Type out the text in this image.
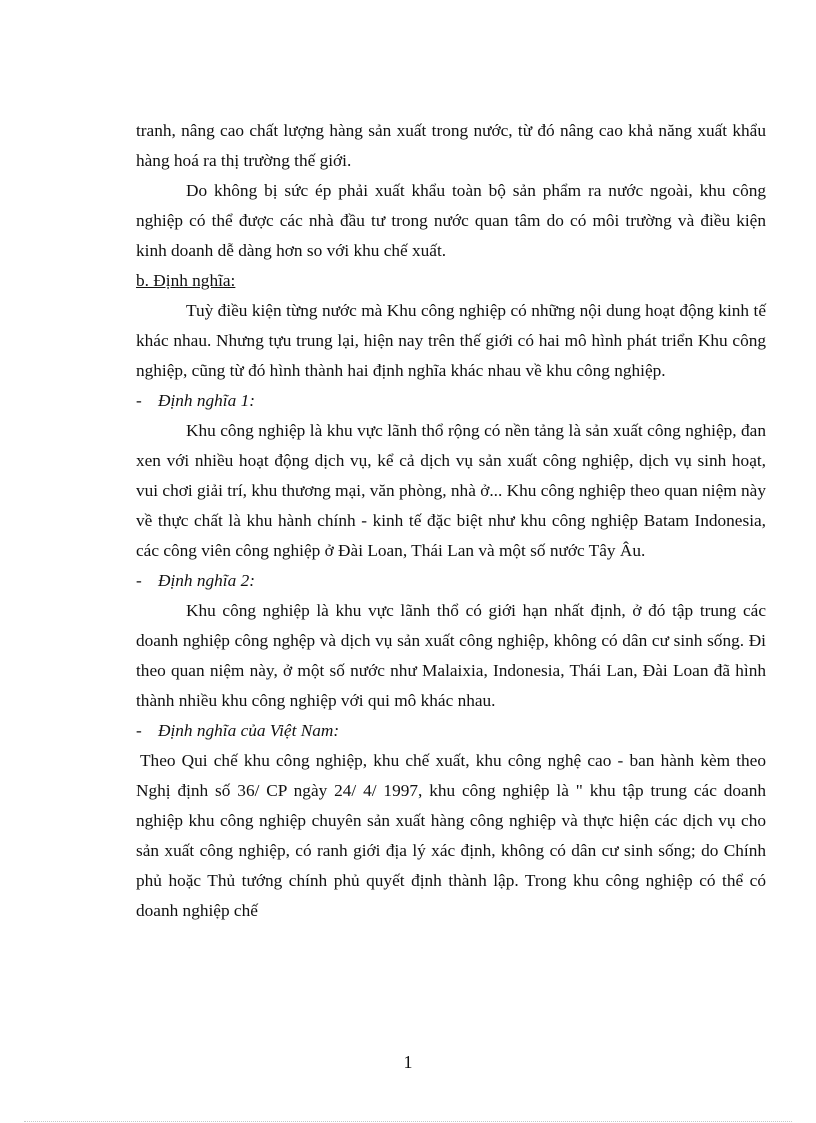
tranh, nâng cao chất lượng hàng sản xuất trong nước, từ đó nâng cao khả năng xuất khẩu hàng hoá ra thị trường thế giới.

Do không bị sức ép phải xuất khẩu toàn bộ sản phẩm ra nước ngoài, khu công nghiệp có thể được các nhà đầu tư trong nước quan tâm do có môi trường và điều kiện kinh doanh dễ dàng hơn so với khu chế xuất.

b. Định nghĩa:

Tuỳ điều kiện từng nước mà Khu công nghiệp có những nội dung hoạt động kinh tế khác nhau. Nhưng tựu trung lại, hiện nay trên thế giới có hai mô hình phát triển Khu công nghiệp, cũng từ đó hình thành hai định nghĩa khác nhau về khu công nghiệp.

- Định nghĩa 1:

Khu công nghiệp là khu vực lãnh thổ rộng có nền tảng là sản xuất công nghiệp, đan xen với nhiều hoạt động dịch vụ, kể cả dịch vụ sản xuất công nghiệp, dịch vụ sinh hoạt, vui chơi giải trí, khu thương mại, văn phòng, nhà ở... Khu công nghiệp theo quan niệm này về thực chất là khu hành chính - kinh tế đặc biệt như khu công nghiệp Batam Indonesia, các công viên công nghiệp ở Đài Loan, Thái Lan và một số nước Tây Âu.

- Định nghĩa 2:

Khu công nghiệp là khu vực lãnh thổ có giới hạn nhất định, ở đó tập trung các doanh nghiệp công nghệp và dịch vụ sản xuất công nghiệp, không có dân cư sinh sống. Đi theo quan niệm này, ở một số nước như Malaixia, Indonesia, Thái Lan, Đài Loan đã hình thành nhiều khu công nghiệp với qui mô khác nhau.

- Định nghĩa của Việt Nam:

Theo Qui chế khu công nghiệp, khu chế xuất, khu công nghệ cao - ban hành kèm theo Nghị định số 36/ CP ngày 24/ 4/ 1997, khu công nghiệp là " khu tập trung các doanh nghiệp khu công nghiệp chuyên sản xuất hàng công nghiệp và thực hiện các dịch vụ cho sản xuất công nghiệp, có ranh giới địa lý xác định, không có dân cư sinh sống; do Chính phủ hoặc Thủ tướng chính phủ quyết định thành lập. Trong khu công nghiệp có thể có doanh nghiệp chế

1
